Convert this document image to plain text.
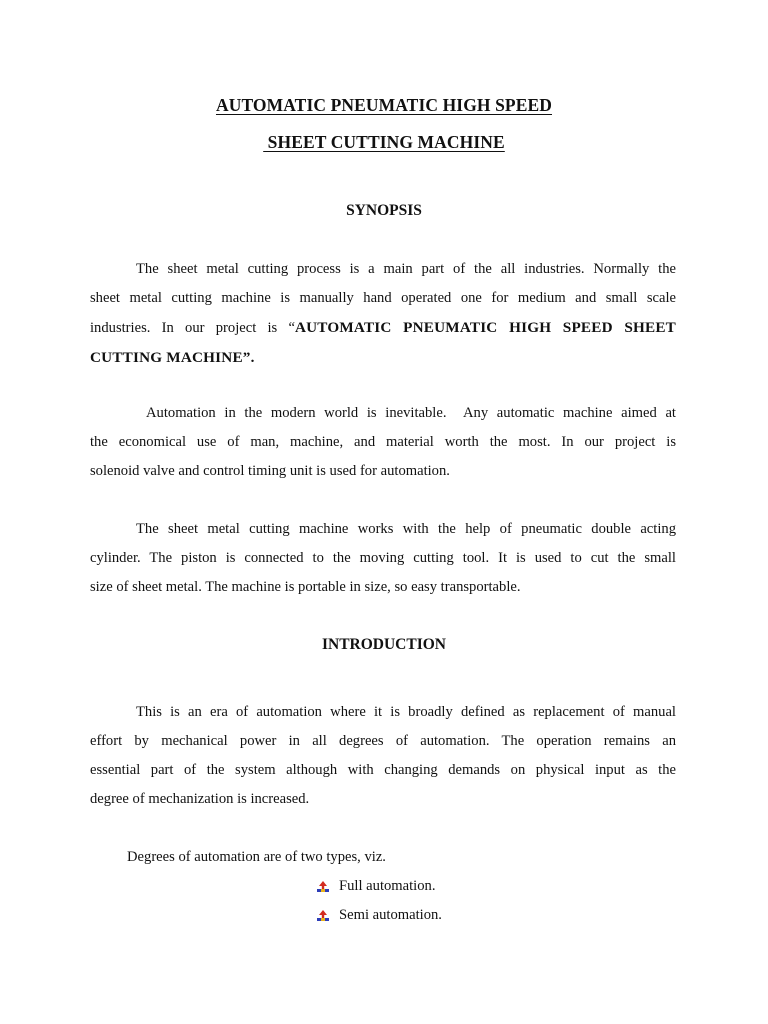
AUTOMATIC PNEUMATIC HIGH SPEED
SHEET CUTTING MACHINE
SYNOPSIS
The sheet metal cutting process is a main part of the all industries. Normally the
sheet metal cutting machine is manually hand operated one for medium and small scale
industries. In our project is “AUTOMATIC PNEUMATIC HIGH SPEED SHEET
CUTTING MACHINE”.
Automation in the modern world is inevitable.  Any automatic machine aimed at
the economical use of man, machine, and material worth the most. In our project is
solenoid valve and control timing unit is used for automation.
The sheet metal cutting machine works with the help of pneumatic double acting
cylinder. The piston is connected to the moving cutting tool. It is used to cut the small
size of sheet metal. The machine is portable in size, so easy transportable.
INTRODUCTION
This is an era of automation where it is broadly defined as replacement of manual
effort by mechanical power in all degrees of automation. The operation remains an
essential part of the system although with changing demands on physical input as the
degree of mechanization is increased.
Degrees of automation are of two types, viz.
Full automation.
Semi automation.
